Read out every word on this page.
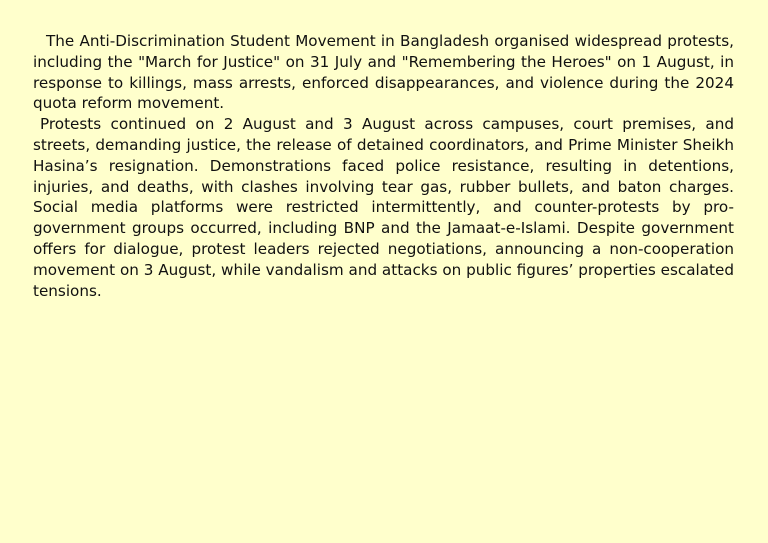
The Anti-Discrimination Student Movement in Bangladesh organised widespread protests, including the "March for Justice" on 31 July and "Remembering the Heroes" on 1 August, in response to killings, mass arrests, enforced disappearances, and violence during the 2024 quota reform movement.

Protests continued on 2 August and 3 August across campuses, court premises, and streets, demanding justice, the release of detained coordinators, and Prime Minister Sheikh Hasina’s resignation. Demonstrations faced police resistance, resulting in detentions, injuries, and deaths, with clashes involving tear gas, rubber bullets, and baton charges. Social media platforms were restricted intermittently, and counter-protests by pro-government groups occurred, including BNP and the Jamaat-e-Islami. Despite government offers for dialogue, protest leaders rejected negotiations, announcing a non-cooperation movement on 3 August, while vandalism and attacks on public figures’ properties escalated tensions.
